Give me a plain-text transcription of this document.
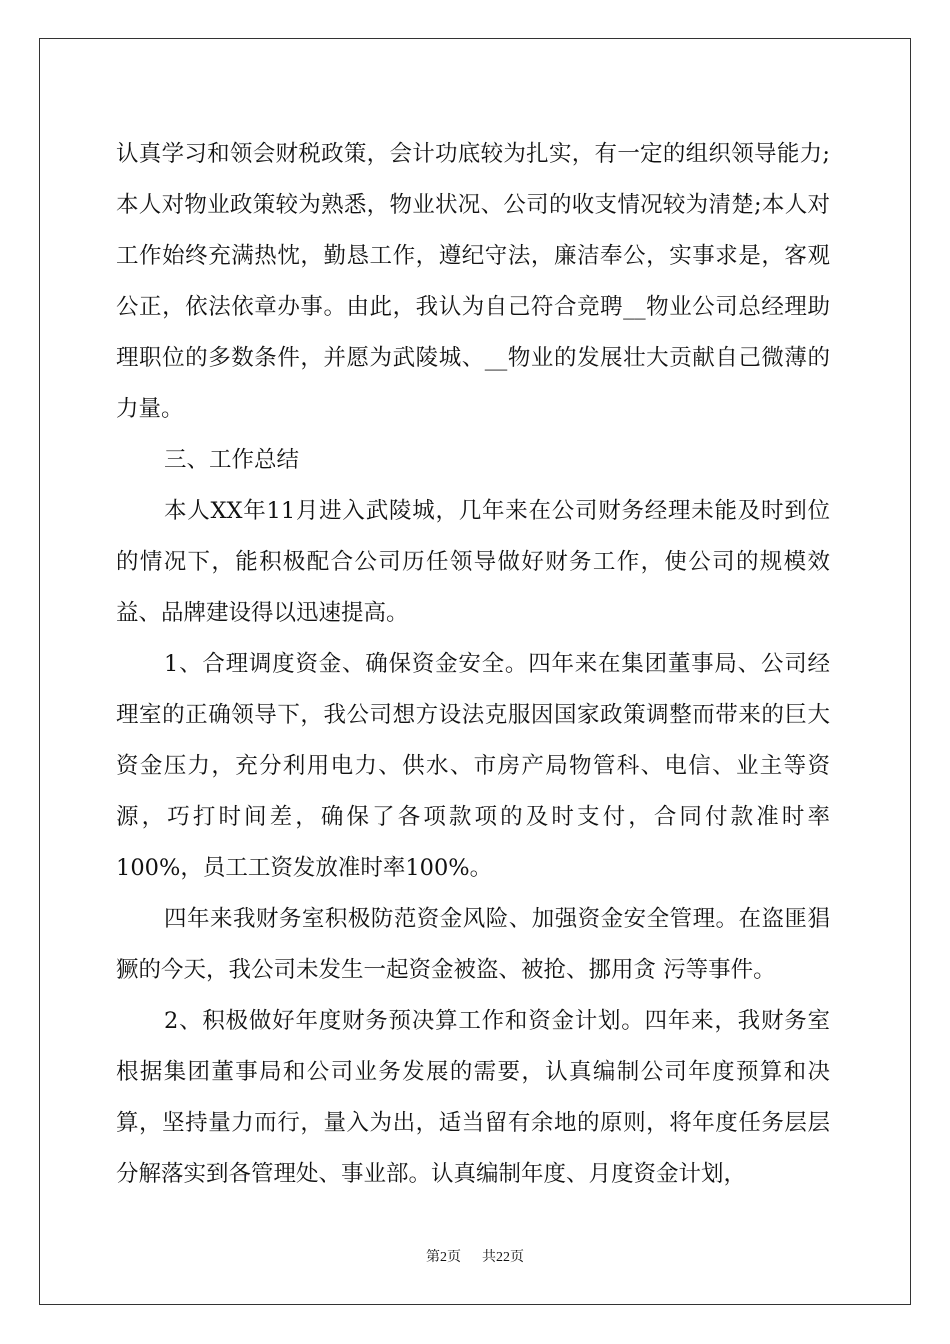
认真学习和领会财税政策，会计功底较为扎实，有一定的组织领导能力;本人对物业政策较为熟悉，物业状况、公司的收支情况较为清楚;本人对工作始终充满热忱，勤恳工作，遵纪守法，廉洁奉公，实事求是，客观公正，依法依章办事。由此，我认为自己符合竞聘__物业公司总经理助理职位的多数条件，并愿为武陵城、__物业的发展壮大贡献自己微薄的力量。

三、工作总结

本人XX年11月进入武陵城，几年来在公司财务经理未能及时到位的情况下，能积极配合公司历任领导做好财务工作，使公司的规模效益、品牌建设得以迅速提高。

1、合理调度资金、确保资金安全。四年来在集团董事局、公司经理室的正确领导下，我公司想方设法克服因国家政策调整而带来的巨大资金压力，充分利用电力、供水、市房产局物管科、电信、业主等资源，巧打时间差，确保了各项款项的及时支付，合同付款准时率100%，员工工资发放准时率100%。

四年来我财务室积极防范资金风险、加强资金安全管理。在盗匪猖獗的今天，我公司未发生一起资金被盗、被抢、挪用贪 污等事件。

2、积极做好年度财务预决算工作和资金计划。四年来，我财务室根据集团董事局和公司业务发展的需要，认真编制公司年度预算和决算，坚持量力而行，量入为出，适当留有余地的原则，将年度任务层层分解落实到各管理处、事业部。认真编制年度、月度资金计划，

第2页 共22页
